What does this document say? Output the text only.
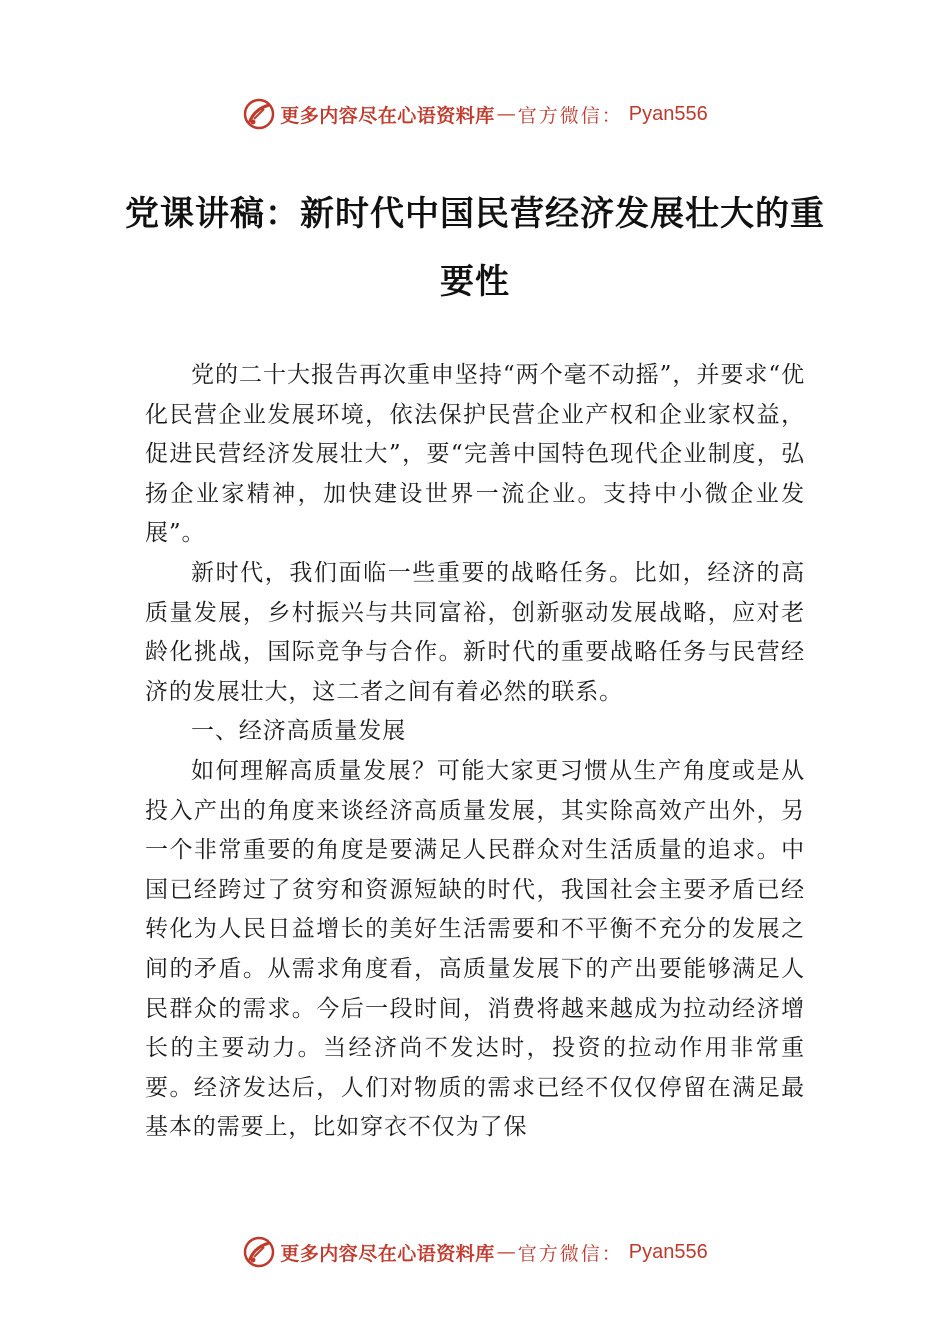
更多内容尽在心语资料库 — 官方微信： Pyan556
党课讲稿：新时代中国民营经济发展壮大的重要性

党的二十大报告再次重申坚持“两个毫不动摇”，并要求“优化民营企业发展环境，依法保护民营企业产权和企业家权益，促进民营经济发展壮大”，要“完善中国特色现代企业制度，弘扬企业家精神，加快建设世界一流企业。支持中小微企业发展”。

新时代，我们面临一些重要的战略任务。比如，经济的高质量发展，乡村振兴与共同富裕，创新驱动发展战略，应对老龄化挑战，国际竞争与合作。新时代的重要战略任务与民营经济的发展壮大，这二者之间有着必然的联系。

一、经济高质量发展

如何理解高质量发展？可能大家更习惯从生产角度或是从投入产出的角度来谈经济高质量发展，其实除高效产出外，另一个非常重要的角度是要满足人民群众对生活质量的追求。中国已经跨过了贫穷和资源短缺的时代，我国社会主要矛盾已经转化为人民日益增长的美好生活需要和不平衡不充分的发展之间的矛盾。从需求角度看，高质量发展下的产出要能够满足人民群众的需求。今后一段时间，消费将越来越成为拉动经济增长的主要动力。当经济尚不发达时，投资的拉动作用非常重要。经济发达后，人们对物质的需求已经不仅仅停留在满足最基本的需要上，比如穿衣不仅为了保

更多内容尽在心语资料库 — 官方微信： Pyan556
